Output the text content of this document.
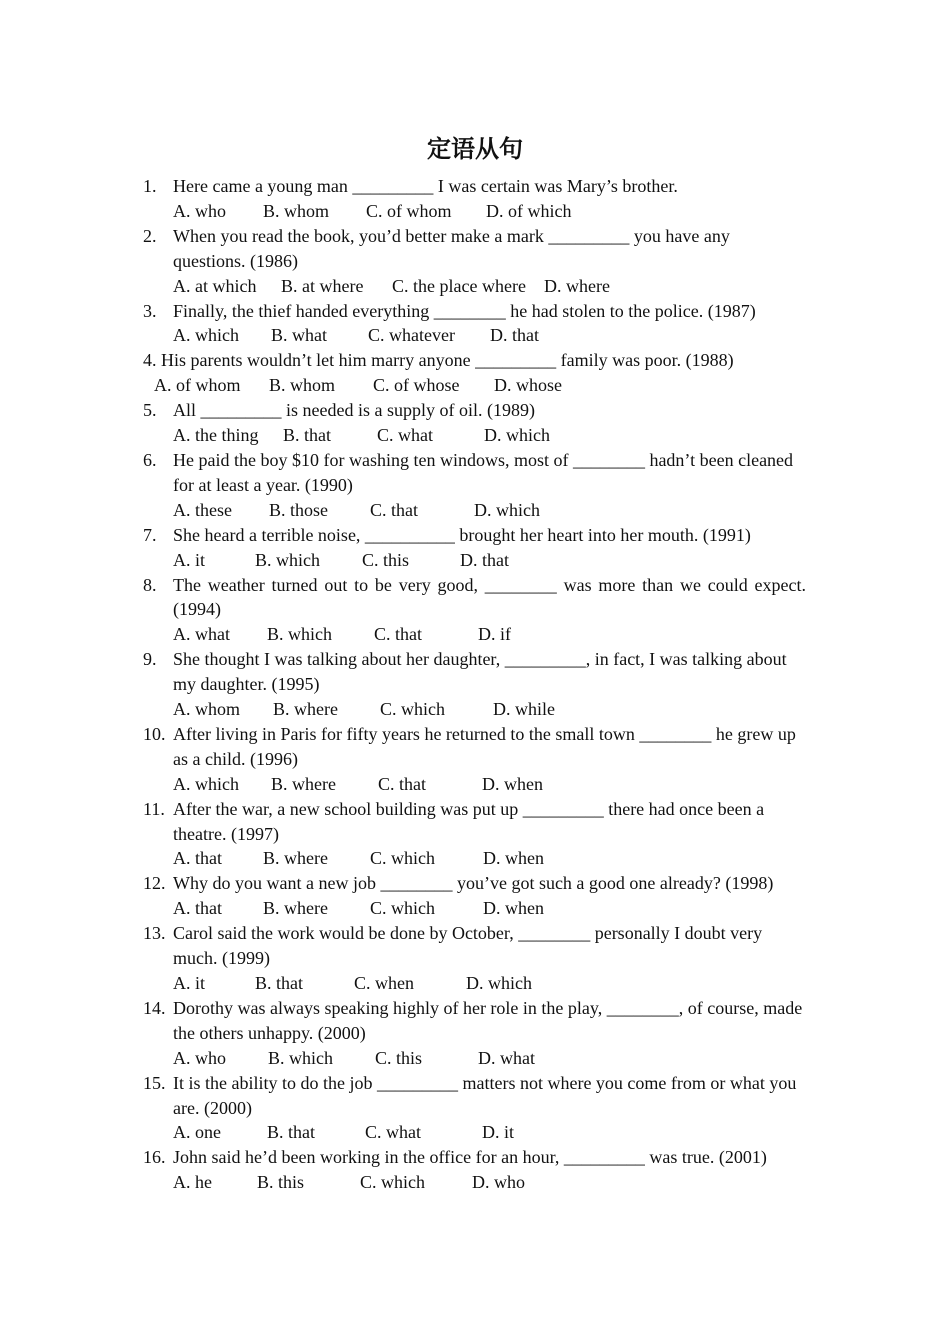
定语从句
1. Here came a young man _________ I was certain was Mary’s brother.
A. who	B. whom	C. of whom	D. of which
2. When you read the book, you’d better make a mark _________ you have any questions. (1986)
A. at which	B. at where	C. the place where	D. where
3. Finally, the thief handed everything ________ he had stolen to the police. (1987)
A. which	B. what	C. whatever	D. that
4. His parents wouldn’t let him marry anyone _________ family was poor. (1988)
A. of whom	B. whom	C. of whose	D. whose
5. All _________ is needed is a supply of oil. (1989)
A. the thing	B. that	C. what	D. which
6. He paid the boy $10 for washing ten windows, most of ________ hadn’t been cleaned for at least a year. (1990)
A. these	B. those	C. that	D. which
7. She heard a terrible noise, __________ brought her heart into her mouth. (1991)
A. it	B. which	C. this	D. that
8. The weather turned out to be very good, ________ was more than we could expect. (1994)
A. what	B. which	C. that	D. if
9. She thought I was talking about her daughter, _________, in fact, I was talking about my daughter. (1995)
A. whom	B. where	C. which	D. while
10. After living in Paris for fifty years he returned to the small town ________ he grew up as a child. (1996)
A. which	B. where	C. that	D. when
11. After the war, a new school building was put up _________ there had once been a theatre. (1997)
A. that	B. where	C. which	D. when
12. Why do you want a new job ________ you’ve got such a good one already? (1998)
A. that	B. where	C. which	D. when
13. Carol said the work would be done by October, ________ personally I doubt very much. (1999)
A. it	B. that	C. when	D. which
14. Dorothy was always speaking highly of her role in the play, ________, of course, made the others unhappy. (2000)
A. who	B. which	C. this	D. what
15. It is the ability to do the job _________ matters not where you come from or what you are. (2000)
A. one	B. that	C. what	D. it
16. John said he’d been working in the office for an hour, _________ was true. (2001)
A. he	B. this	C. which	D. who
